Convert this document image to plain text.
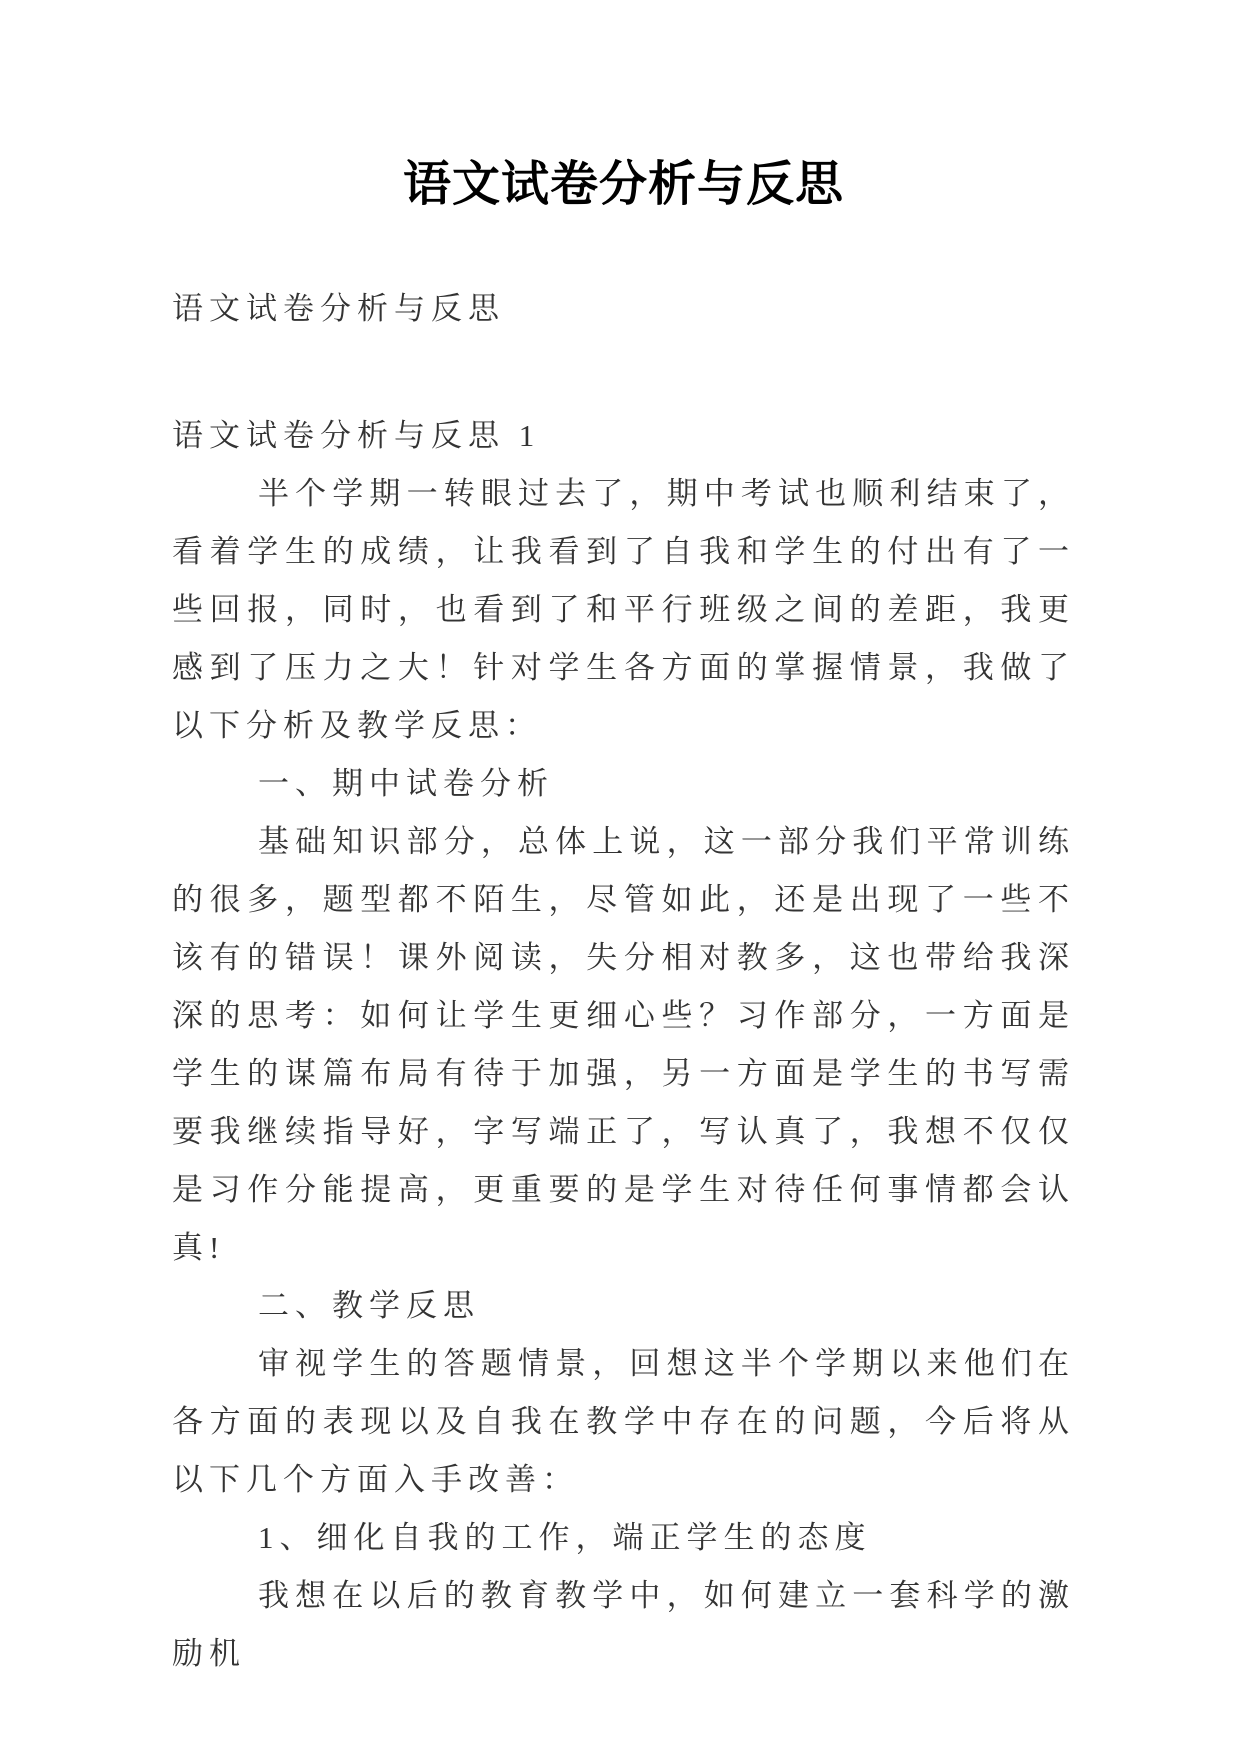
语文试卷分析与反思

语文试卷分析与反思

语文试卷分析与反思 1

半个学期一转眼过去了，期中考试也顺利结束了，看着学生的成绩，让我看到了自我和学生的付出有了一些回报，同时，也看到了和平行班级之间的差距，我更感到了压力之大！针对学生各方面的掌握情景，我做了以下分析及教学反思：

一、期中试卷分析

基础知识部分，总体上说，这一部分我们平常训练的很多，题型都不陌生，尽管如此，还是出现了一些不该有的错误！课外阅读，失分相对教多，这也带给我深深的思考：如何让学生更细心些？习作部分，一方面是学生的谋篇布局有待于加强，另一方面是学生的书写需要我继续指导好，字写端正了，写认真了，我想不仅仅是习作分能提高，更重要的是学生对待任何事情都会认真!

二、教学反思

审视学生的答题情景，回想这半个学期以来他们在各方面的表现以及自我在教学中存在的问题，今后将从以下几个方面入手改善：

1、细化自我的工作，端正学生的态度

我想在以后的教育教学中，如何建立一套科学的激励机
